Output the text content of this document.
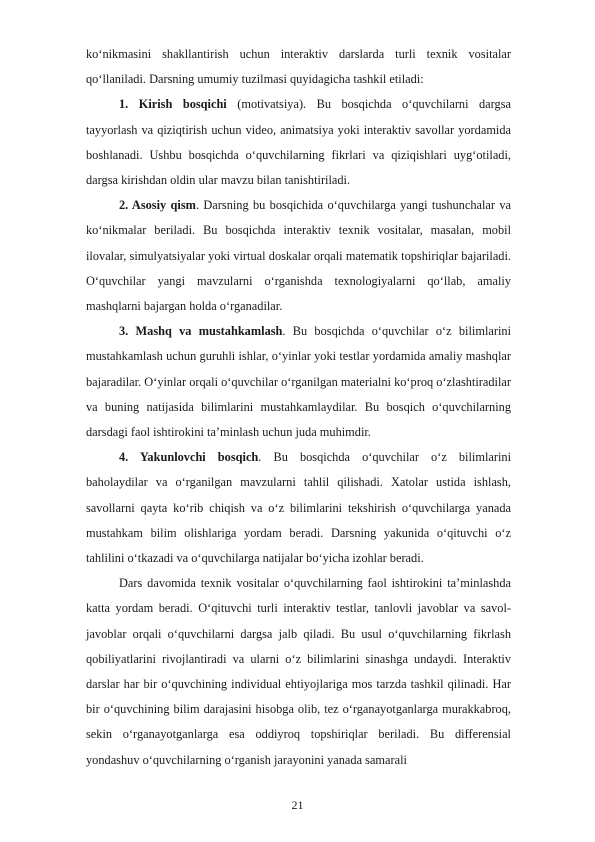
ko‘nikmasini shakllantirish uchun interaktiv darslarda turli texnik vositalar qo‘llaniladi. Darsning umumiy tuzilmasi quyidagicha tashkil etiladi:

1. Kirish bosqichi (motivatsiya). Bu bosqichda o‘quvchilarni dargsa tayyorlash va qiziqtirish uchun video, animatsiya yoki interaktiv savollar yordamida boshlanadi. Ushbu bosqichda o‘quvchilarning fikrlari va qiziqishlari uyg‘otiladi, dargsa kirishdan oldin ular mavzu bilan tanishtiriladi.

2. Asosiy qism. Darsning bu bosqichida o‘quvchilarga yangi tushunchalar va ko‘nikmalar beriladi. Bu bosqichda interaktiv texnik vositalar, masalan, mobil ilovalar, simulyatsiyalar yoki virtual doskalar orqali matematik topshiriqlar bajariladi. O‘quvchilar yangi mavzularni o‘rganishda texnologiyalarni qo‘llab, amaliy mashqlarni bajargan holda o‘rganadilar.

3. Mashq va mustahkamlash. Bu bosqichda o‘quvchilar o‘z bilimlarini mustahkamlash uchun guruhli ishlar, o‘yinlar yoki testlar yordamida amaliy mashqlar bajaradilar. O‘yinlar orqali o‘quvchilar o‘rganilgan materialni ko‘proq o‘zlashtiradilar va buning natijasida bilimlarini mustahkamlaydilar. Bu bosqich o‘quvchilarning darsdagi faol ishtirokini ta’minlash uchun juda muhimdir.

4. Yakunlovchi bosqich. Bu bosqichda o‘quvchilar o‘z bilimlarini baholaydilar va o‘rganilgan mavzularni tahlil qilishadi. Xatolar ustida ishlash, savollarni qayta ko‘rib chiqish va o‘z bilimlarini tekshirish o‘quvchilarga yanada mustahkam bilim olishlariga yordam beradi. Darsning yakunida o‘qituvchi o‘z tahlilini o‘tkazadi va o‘quvchilarga natijalar bo‘yicha izohlar beradi.

Dars davomida texnik vositalar o‘quvchilarning faol ishtirokini ta’minlashda katta yordam beradi. O‘qituvchi turli interaktiv testlar, tanlovli javoblar va savol-javoblar orqali o‘quvchilarni dargsa jalb qiladi. Bu usul o‘quvchilarning fikrlash qobiliyatlarini rivojlantiradi va ularni o‘z bilimlarini sinashga undaydi. Interaktiv darslar har bir o‘quvchining individual ehtiyojlariga mos tarzda tashkil qilinadi. Har bir o‘quvchining bilim darajasini hisobga olib, tez o‘rganayotganlarga murakkabroq, sekin o‘rganayotganlarga esa oddiyroq topshiriqlar beriladi. Bu differensial yondashuv o‘quvchilarning o‘rganish jarayonini yanada samarali

21
